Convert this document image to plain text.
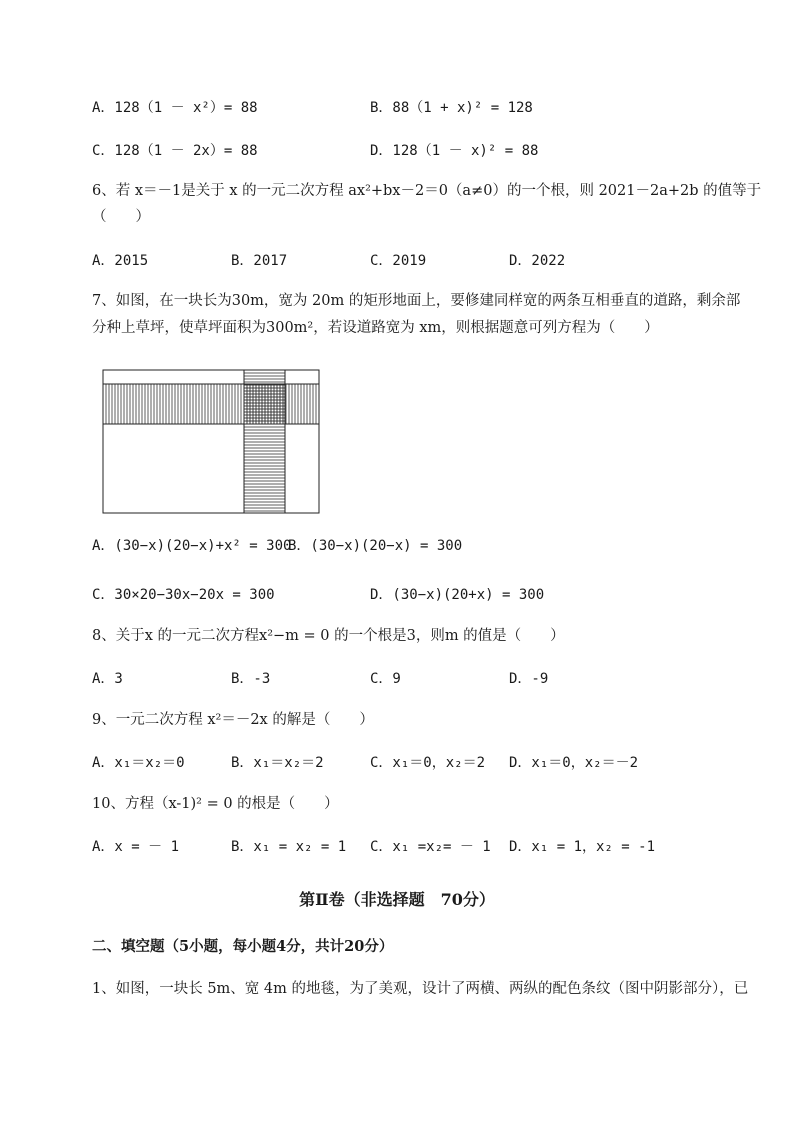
A．128（1 － x²）= 88	B．88（1 + x)² = 128
C．128（1 － 2x）= 88	D．128（1 － x)² = 88
6、若 x＝－1是关于 x 的一元二次方程 ax²+bx－2＝0（a≠0）的一个根，则 2021－2a+2b 的值等于
（　　）
A．2015	B．2017	C．2019	D．2022
7、如图，在一块长为30m，宽为 20m 的矩形地面上，要修建同样宽的两条互相垂直的道路，剩余部
分种上草坪，使草坪面积为300m²，若设道路宽为 xm，则根据题意可列方程为（　　）
A．(30−x)(20−x)+x² = 300
B．(30−x)(20−x) = 300
C．30×20−30x−20x = 300	D．(30−x)(20+x) = 300
8、关于x 的一元二次方程x²−m = 0 的一个根是3，则m 的值是（　　）
A．3	B．-3	C．9	D．-9
9、一元二次方程 x²＝－2x 的解是（　　）
A．x₁＝x₂＝0	B．x₁＝x₂＝2	C．x₁＝0，x₂＝2 D．x₁＝0，x₂＝－2
10、方程（x-1)² = 0 的根是（　　）
A．x = － 1	B．x₁ = x₂ = 1 C．x₁ =x₂= － 1 D．x₁ = 1，x₂ = -1
第Ⅱ卷（非选择题　70分）
二、填空题（5小题，每小题4分，共计20分）
1、如图，一块长 5m、宽 4m 的地毯，为了美观，设计了两横、两纵的配色条纹（图中阴影部分），已
